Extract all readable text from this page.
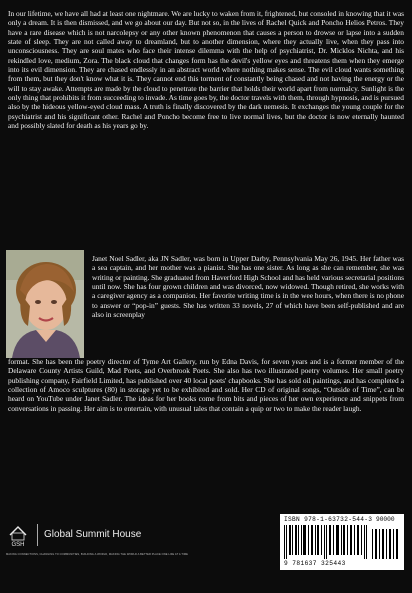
In our lifetime, we have all had at least one nightmare. We are lucky to waken from it, frightened, but consoled in knowing that it was only a dream. It is then dismissed, and we go about our day. But not so, in the lives of Rachel Quick and Poncho Helios Petros. They have a rare disease which is not narcolepsy or any other known phenomenon that causes a person to drowse or lapse into a sudden state of sleep. They are not called away to dreamland, but to another dimension, where they actually live, when they pass into unconsciousness. They are soul mates who face their intense dilemma with the help of psychiatrist, Dr. Micklos Nichta, and his rekindled love, medium, Zora. The black cloud that changes form has the devil's yellow eyes and threatens them when they emerge into its evil dimension. They are chased endlessly in an abstract world where nothing makes sense. The evil cloud wants something from them, but they don't know what it is. They cannot end this torment of constantly being chased and not having the energy or the will to stay awake. Attempts are made by the cloud to penetrate the barrier that holds their world apart from normalcy. Sunlight is the only thing that prohibits it from succeeding to invade. As time goes by, the doctor travels with them, through hypnosis, and is pursued also by the hideous yellow-eyed cloud mass. A truth is finally discovered by the dark nemesis. It exchanges the young couple for the psychiatrist and his significant other. Rachel and Poncho become free to live normal lives, but the doctor is now eternally haunted and possibly slated for death as his years go by.

Janet Noel Sadler, aka JN Sadler, was born in Upper Darby, Pennsylvania May 26, 1945. Her father was a sea captain, and her mother was a pianist. She has one sister. As long as she can remember, she was writing or painting. She graduated from Haverford High School and has held various secretarial positions until now. She has four grown children and was divorced, now widowed. Though retired, she works with a caregiver agency as a companion. Her favorite writing time is in the wee hours, when there is no phone to answer or “pop-in” guests. She has written 33 novels, 27 of which have been self-published and are also in screenplay

format. She has been the poetry director of Tyme Art Gallery, run by Edna Davis, for seven years and is a former member of the Delaware County Artists Guild, Mad Poets, and Overbrook Poets. She also has two illustrated poetry volumes. Her small poetry publishing company, Fairfield Limited, has published over 40 local poets' chapbooks. She has sold oil paintings, and has completed a collection of Amoco sculptures (80) in storage yet to be exhibited and sold. Her CD of original songs, “Outside of Time”, can be heard on YouTube under Janet Sadler. The ideas for her books come from bits and pieces of her own experience and snippets from conversations in passing. Her aim is to entertain, with unusual tales that contain a quip or two to make the reader laugh.

GSH
Global Summit House
MAKING CONNECTIONS, CHANGING TO COMMUNITIES, BUILDING A WORLD, MAKING THE WORLD A BETTER PLACE ONE LIFE AT A TIME
ISBN 978-1-63732-544-3 90000
9 781637 325443
